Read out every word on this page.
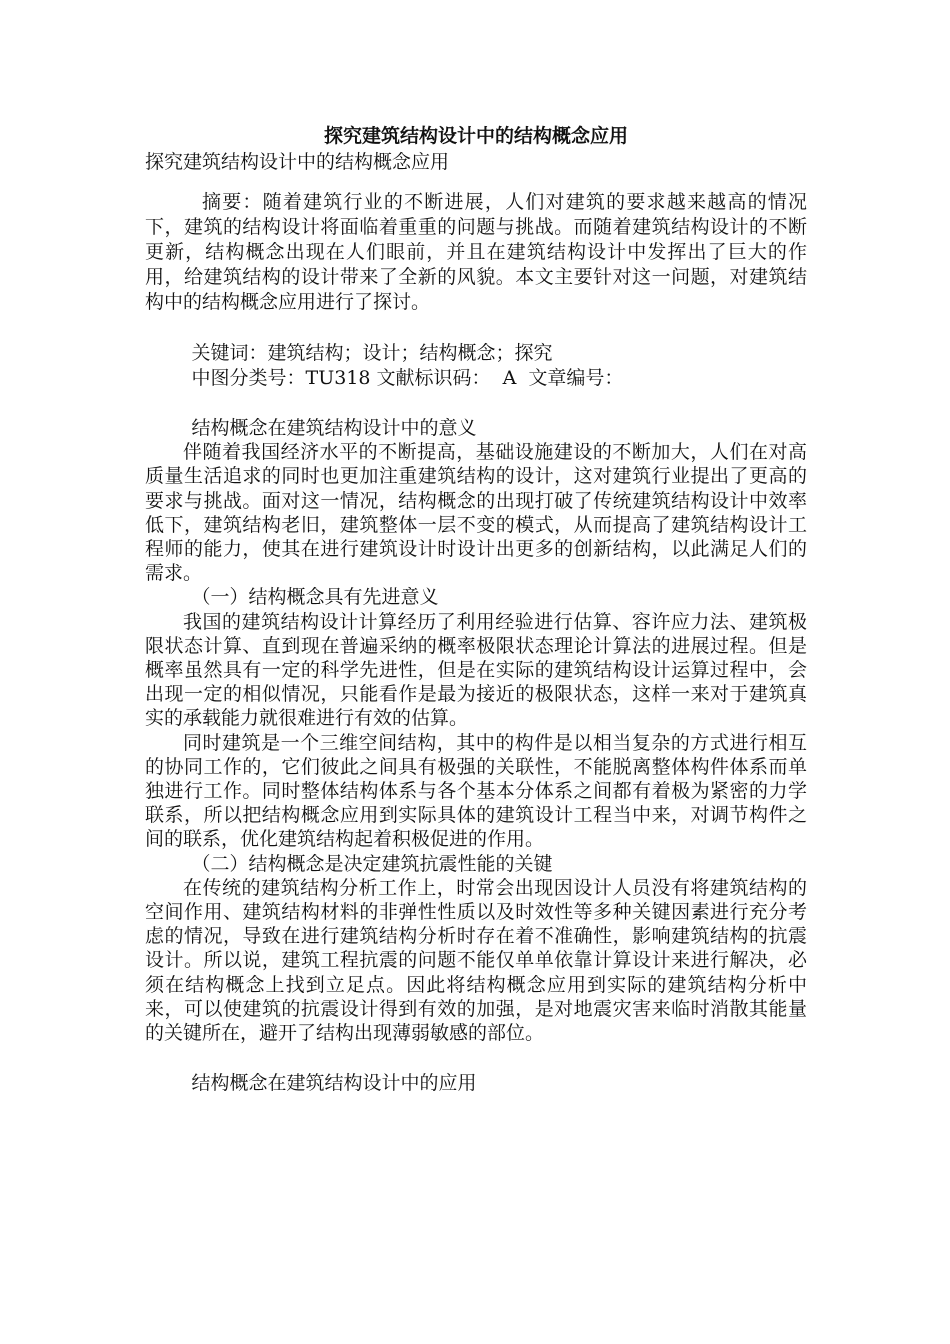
探究建筑结构设计中的结构概念应用

探究建筑结构设计中的结构概念应用

摘要：随着建筑行业的不断进展，人们对建筑的要求越来越高的情况下，建筑的结构设计将面临着重重的问题与挑战。而随着建筑结构设计的不断更新，结构概念出现在人们眼前，并且在建筑结构设计中发挥出了巨大的作用，给建筑结构的设计带来了全新的风貌。本文主要针对这一问题，对建筑结构中的结构概念应用进行了探讨。

关键词：建筑结构；设计；结构概念；探究

中图分类号：TU318 文献标识码：  A  文章编号：

结构概念在建筑结构设计中的意义

伴随着我国经济水平的不断提高，基础设施建设的不断加大，人们在对高质量生活追求的同时也更加注重建筑结构的设计，这对建筑行业提出了更高的要求与挑战。面对这一情况，结构概念的出现打破了传统建筑结构设计中效率低下，建筑结构老旧，建筑整体一层不变的模式，从而提高了建筑结构设计工程师的能力，使其在进行建筑设计时设计出更多的创新结构，以此满足人们的需求。

（一）结构概念具有先进意义

我国的建筑结构设计计算经历了利用经验进行估算、容许应力法、建筑极限状态计算、直到现在普遍采纳的概率极限状态理论计算法的进展过程。但是概率虽然具有一定的科学先进性，但是在实际的建筑结构设计运算过程中，会出现一定的相似情况，只能看作是最为接近的极限状态，这样一来对于建筑真实的承载能力就很难进行有效的估算。

同时建筑是一个三维空间结构，其中的构件是以相当复杂的方式进行相互的协同工作的，它们彼此之间具有极强的关联性，不能脱离整体构件体系而单独进行工作。同时整体结构体系与各个基本分体系之间都有着极为紧密的力学联系，所以把结构概念应用到实际具体的建筑设计工程当中来，对调节构件之间的联系，优化建筑结构起着积极促进的作用。

（二）结构概念是决定建筑抗震性能的关键

在传统的建筑结构分析工作上，时常会出现因设计人员没有将建筑结构的空间作用、建筑结构材料的非弹性性质以及时效性等多种关键因素进行充分考虑的情况，导致在进行建筑结构分析时存在着不准确性，影响建筑结构的抗震设计。所以说，建筑工程抗震的问题不能仅单单依靠计算设计来进行解决，必须在结构概念上找到立足点。因此将结构概念应用到实际的建筑结构分析中来，可以使建筑的抗震设计得到有效的加强，是对地震灾害来临时消散其能量的关键所在，避开了结构出现薄弱敏感的部位。

结构概念在建筑结构设计中的应用
